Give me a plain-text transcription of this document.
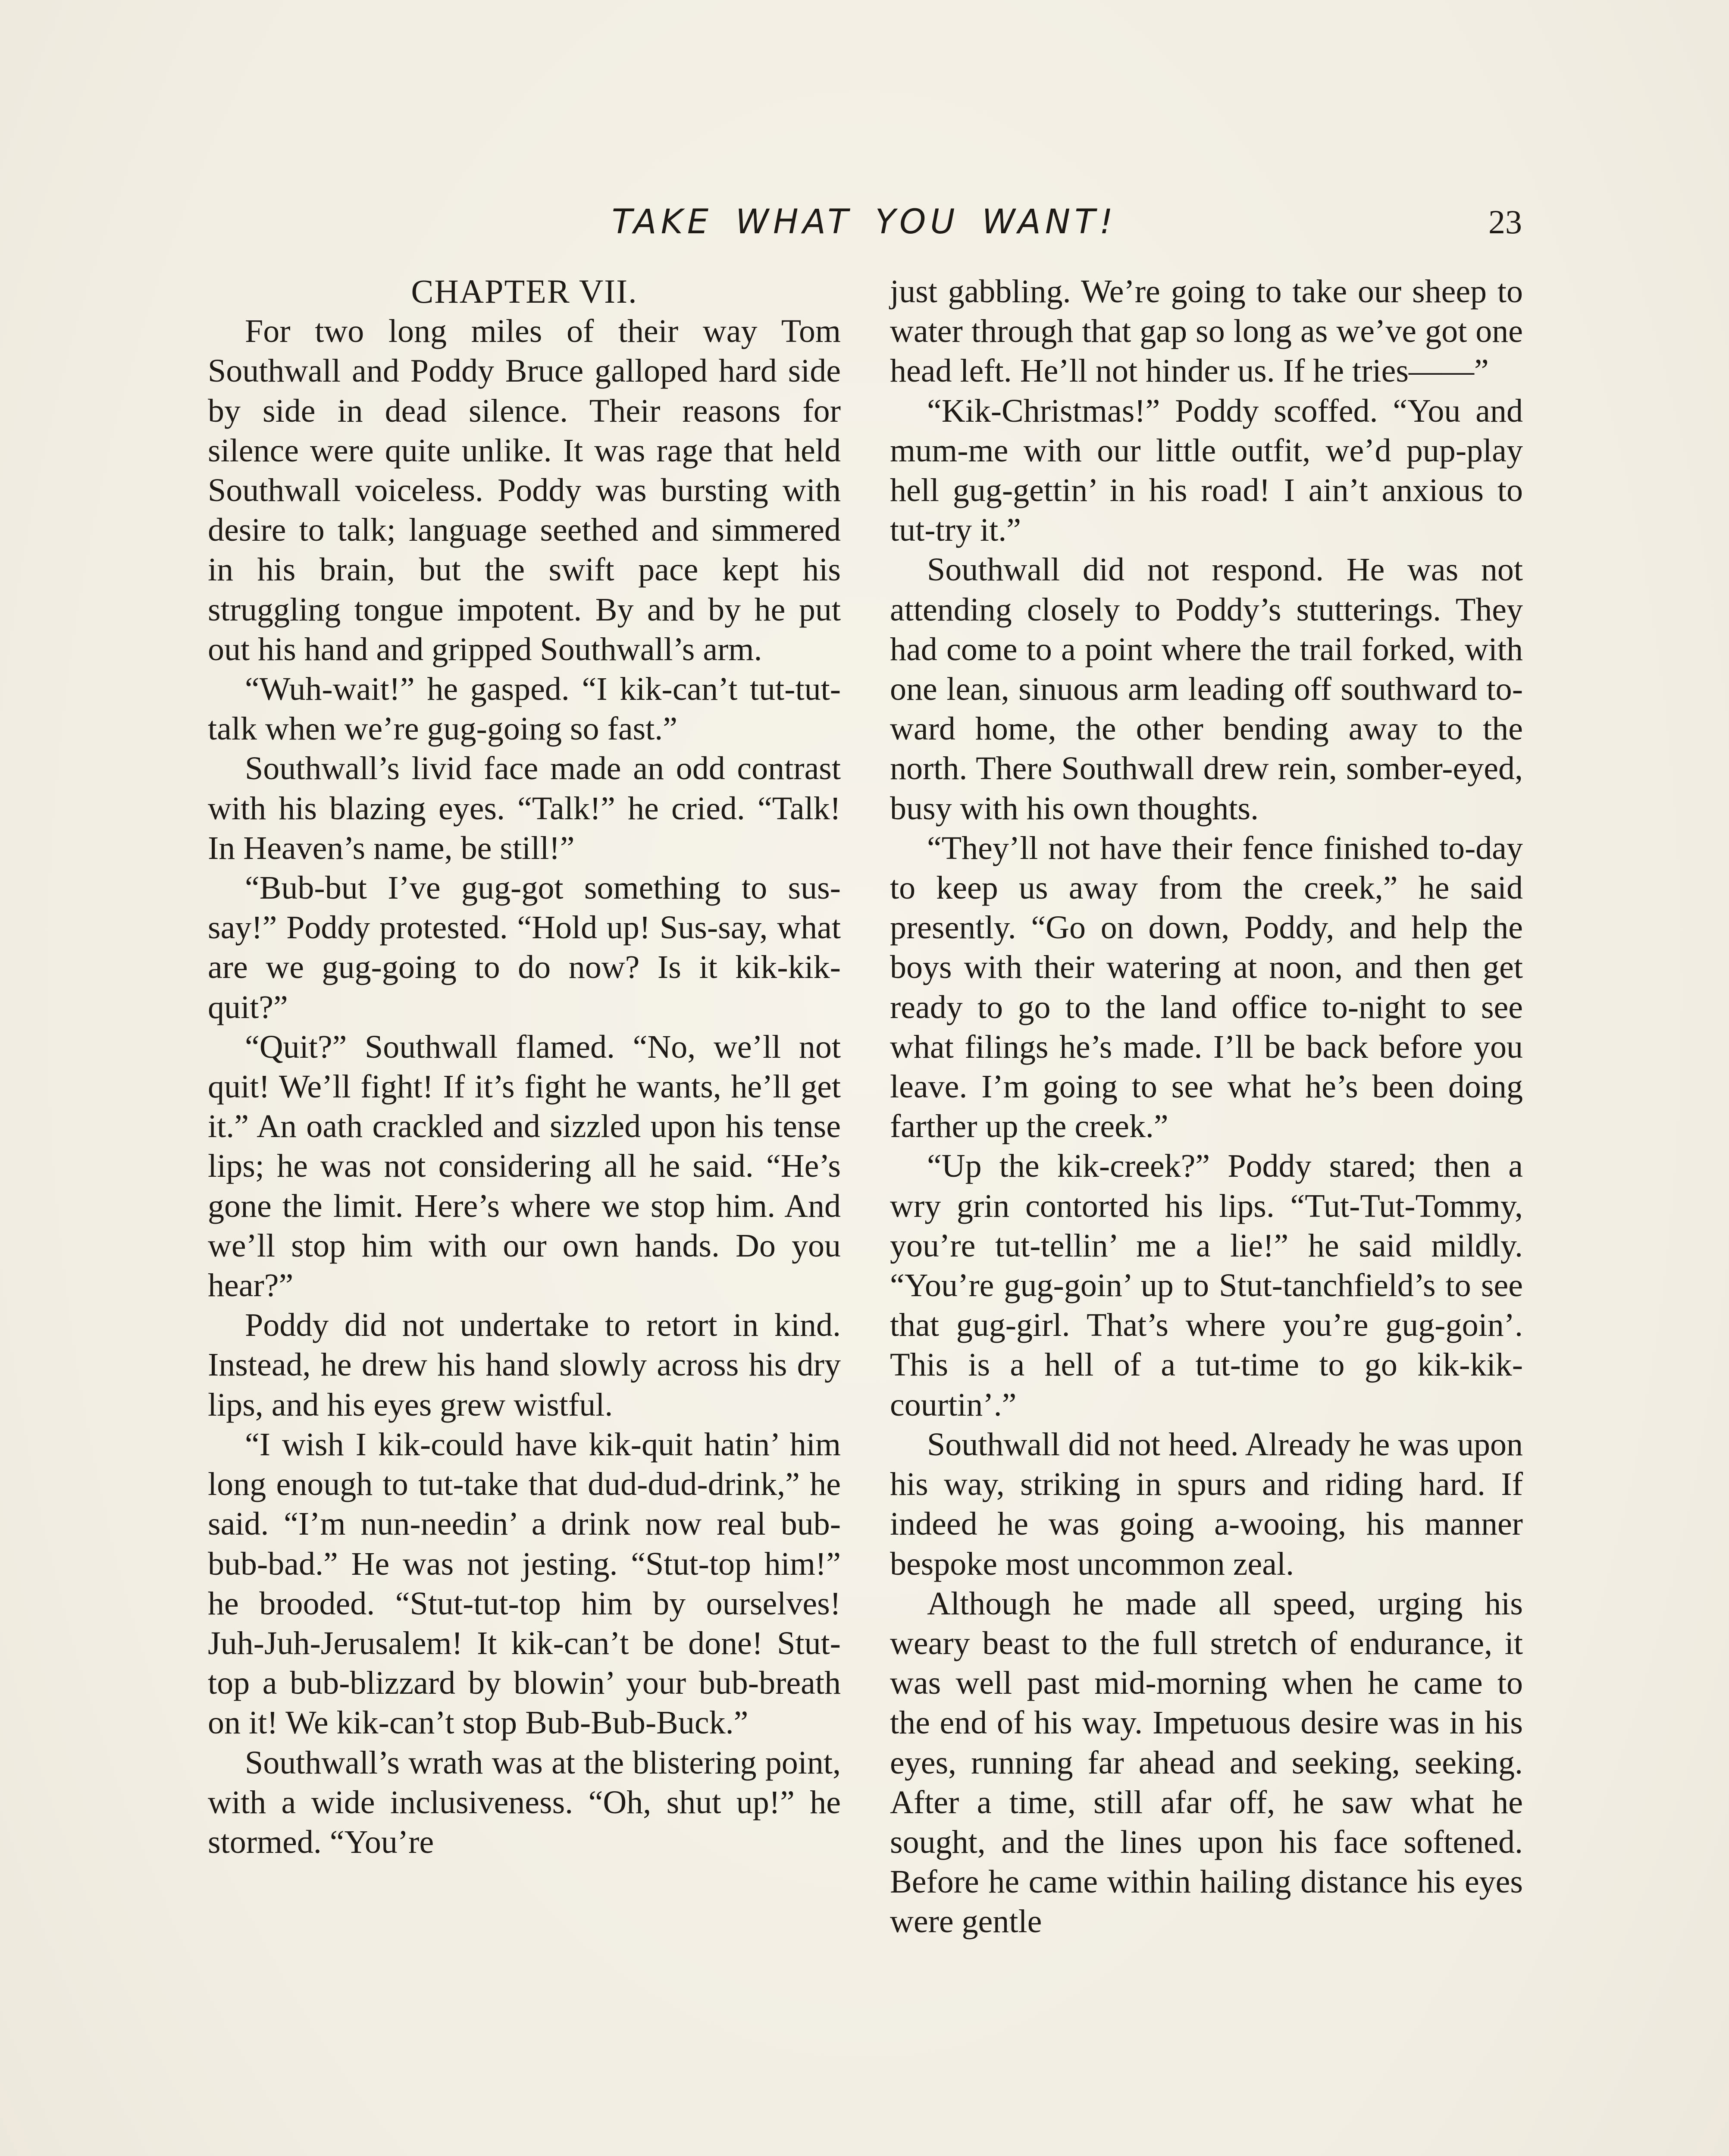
TAKE WHAT YOU WANT!	23

CHAPTER VII.

For two long miles of their way Tom Southwall and Poddy Bruce galloped hard side by side in dead silence. Their reasons for silence were quite unlike. It was rage that held Southwall voiceless. Poddy was bursting with desire to talk; language seethed and simmered in his brain, but the swift pace kept his struggling tongue impotent. By and by he put out his hand and gripped Southwall’s arm.

“Wuh-wait!” he gasped. “I kik-can’t tut-tut-talk when we’re gug-going so fast.”

Southwall’s livid face made an odd contrast with his blazing eyes. “Talk!” he cried. “Talk! In Heaven’s name, be still!”

“Bub-but I’ve gug-got something to sus-say!” Poddy protested. “Hold up! Sus-say, what are we gug-going to do now? Is it kik-kik-quit?”

“Quit?” Southwall flamed. “No, we’ll not quit! We’ll fight! If it’s fight he wants, he’ll get it.” An oath crackled and sizzled upon his tense lips; he was not considering all he said. “He’s gone the limit. Here’s where we stop him. And we’ll stop him with our own hands. Do you hear?”

Poddy did not undertake to retort in kind. Instead, he drew his hand slowly across his dry lips, and his eyes grew wistful.

“I wish I kik-could have kik-quit hatin’ him long enough to tut-take that dud-dud-drink,” he said. “I’m nun-needin’ a drink now real bub-bub-bad.” He was not jesting. “Stut-top him!” he brooded. “Stut-tut-top him by ourselves! Juh-Juh-Jerusalem! It kik-can’t be done! Stut-top a bub-blizzard by blowin’ your bub-breath on it! We kik-can’t stop Bub-Bub-Buck.”

Southwall’s wrath was at the blistering point, with a wide inclusiveness. “Oh, shut up!” he stormed. “You’re

just gabbling. We’re going to take our sheep to water through that gap so long as we’ve got one head left. He’ll not hinder us. If he tries——”

“Kik-Christmas!” Poddy scoffed. “You and mum-me with our little outfit, we’d pup-play hell gug-gettin’ in his road! I ain’t anxious to tut-try it.”

Southwall did not respond. He was not attending closely to Poddy’s stutterings. They had come to a point where the trail forked, with one lean, sinuous arm leading off southward toward home, the other bending away to the north. There Southwall drew rein, somber-eyed, busy with his own thoughts.

“They’ll not have their fence finished to-day to keep us away from the creek,” he said presently. “Go on down, Poddy, and help the boys with their watering at noon, and then get ready to go to the land office to-night to see what filings he’s made. I’ll be back before you leave. I’m going to see what he’s been doing farther up the creek.”

“Up the kik-creek?” Poddy stared; then a wry grin contorted his lips. “Tut-Tut-Tommy, you’re tut-tellin’ me a lie!” he said mildly. “You’re gug-goin’ up to Stut-tanchfield’s to see that gug-girl. That’s where you’re gug-goin’. This is a hell of a tut-time to go kik-kik-courtin’.”

Southwall did not heed. Already he was upon his way, striking in spurs and riding hard. If indeed he was going a-wooing, his manner bespoke most uncommon zeal.

Although he made all speed, urging his weary beast to the full stretch of endurance, it was well past mid-morning when he came to the end of his way. Impetuous desire was in his eyes, running far ahead and seeking, seeking. After a time, still afar off, he saw what he sought, and the lines upon his face softened. Before he came within hailing distance his eyes were gentle
